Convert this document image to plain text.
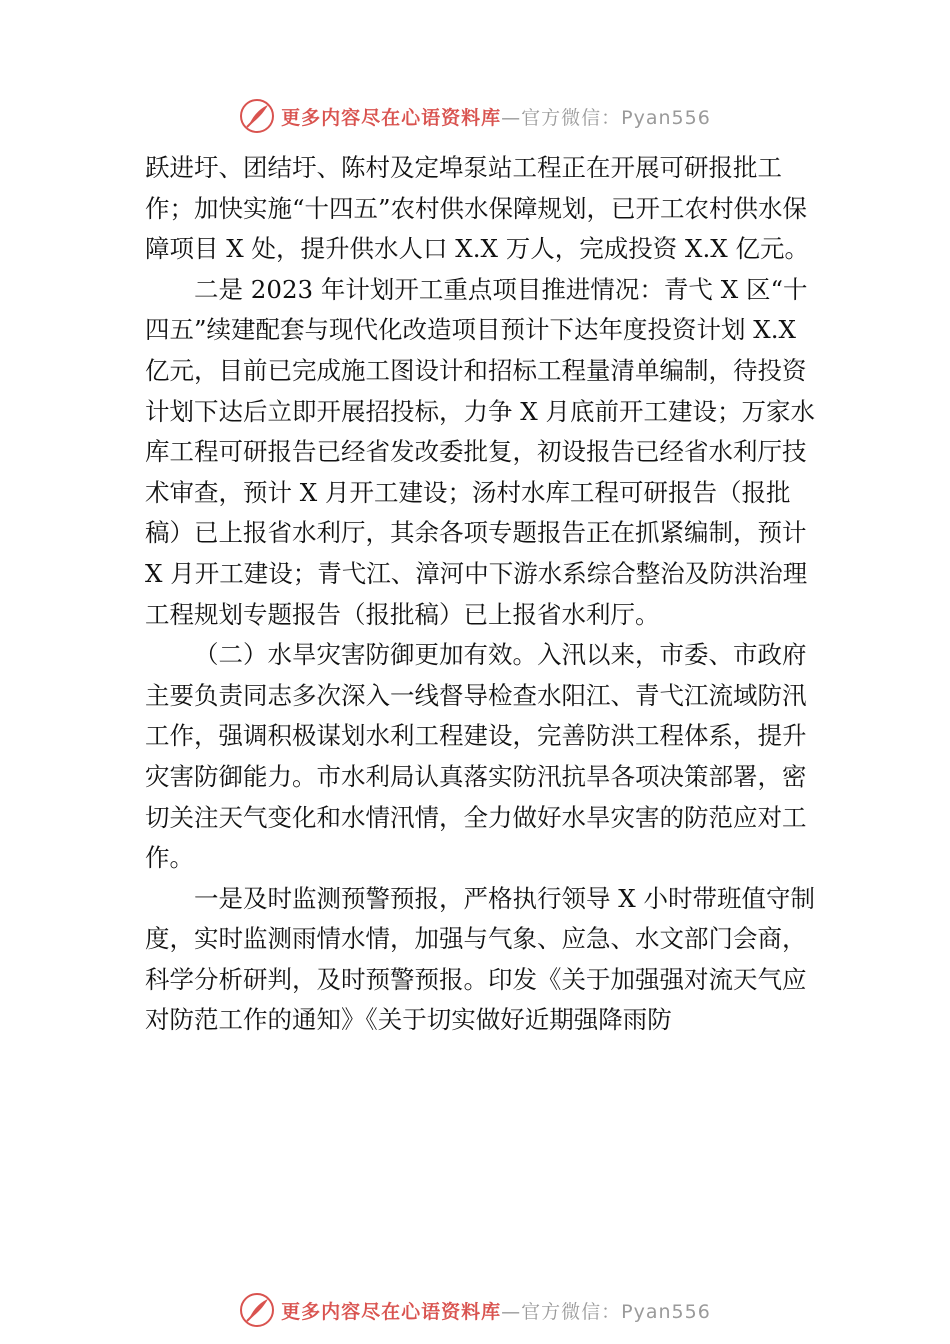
更多内容尽在心语资料库 —官方微信：Pyan556

跃进圩、团结圩、陈村及定埠泵站工程正在开展可研报批工作；加快实施“十四五”农村供水保障规划，已开工农村供水保障项目 X 处，提升供水人口 X.X 万人，完成投资 X.X 亿元。

二是 2023 年计划开工重点项目推进情况：青弋 X 区“十四五”续建配套与现代化改造项目预计下达年度投资计划 X.X 亿元，目前已完成施工图设计和招标工程量清单编制，待投资计划下达后立即开展招投标，力争 X 月底前开工建设；万家水库工程可研报告已经省发改委批复，初设报告已经省水利厅技术审查，预计 X 月开工建设；汤村水库工程可研报告（报批稿）已上报省水利厅，其余各项专题报告正在抓紧编制，预计 X 月开工建设；青弋江、漳河中下游水系综合整治及防洪治理工程规划专题报告（报批稿）已上报省水利厅。

（二）水旱灾害防御更加有效。入汛以来，市委、市政府主要负责同志多次深入一线督导检查水阳江、青弋江流域防汛工作，强调积极谋划水利工程建设，完善防洪工程体系，提升灾害防御能力。市水利局认真落实防汛抗旱各项决策部署，密切关注天气变化和水情汛情，全力做好水旱灾害的防范应对工作。

一是及时监测预警预报，严格执行领导 X 小时带班值守制度，实时监测雨情水情，加强与气象、应急、水文部门会商，科学分析研判，及时预警预报。印发《关于加强强对流天气应对防范工作的通知》《关于切实做好近期强降雨防

更多内容尽在心语资料库 —官方微信：Pyan556
